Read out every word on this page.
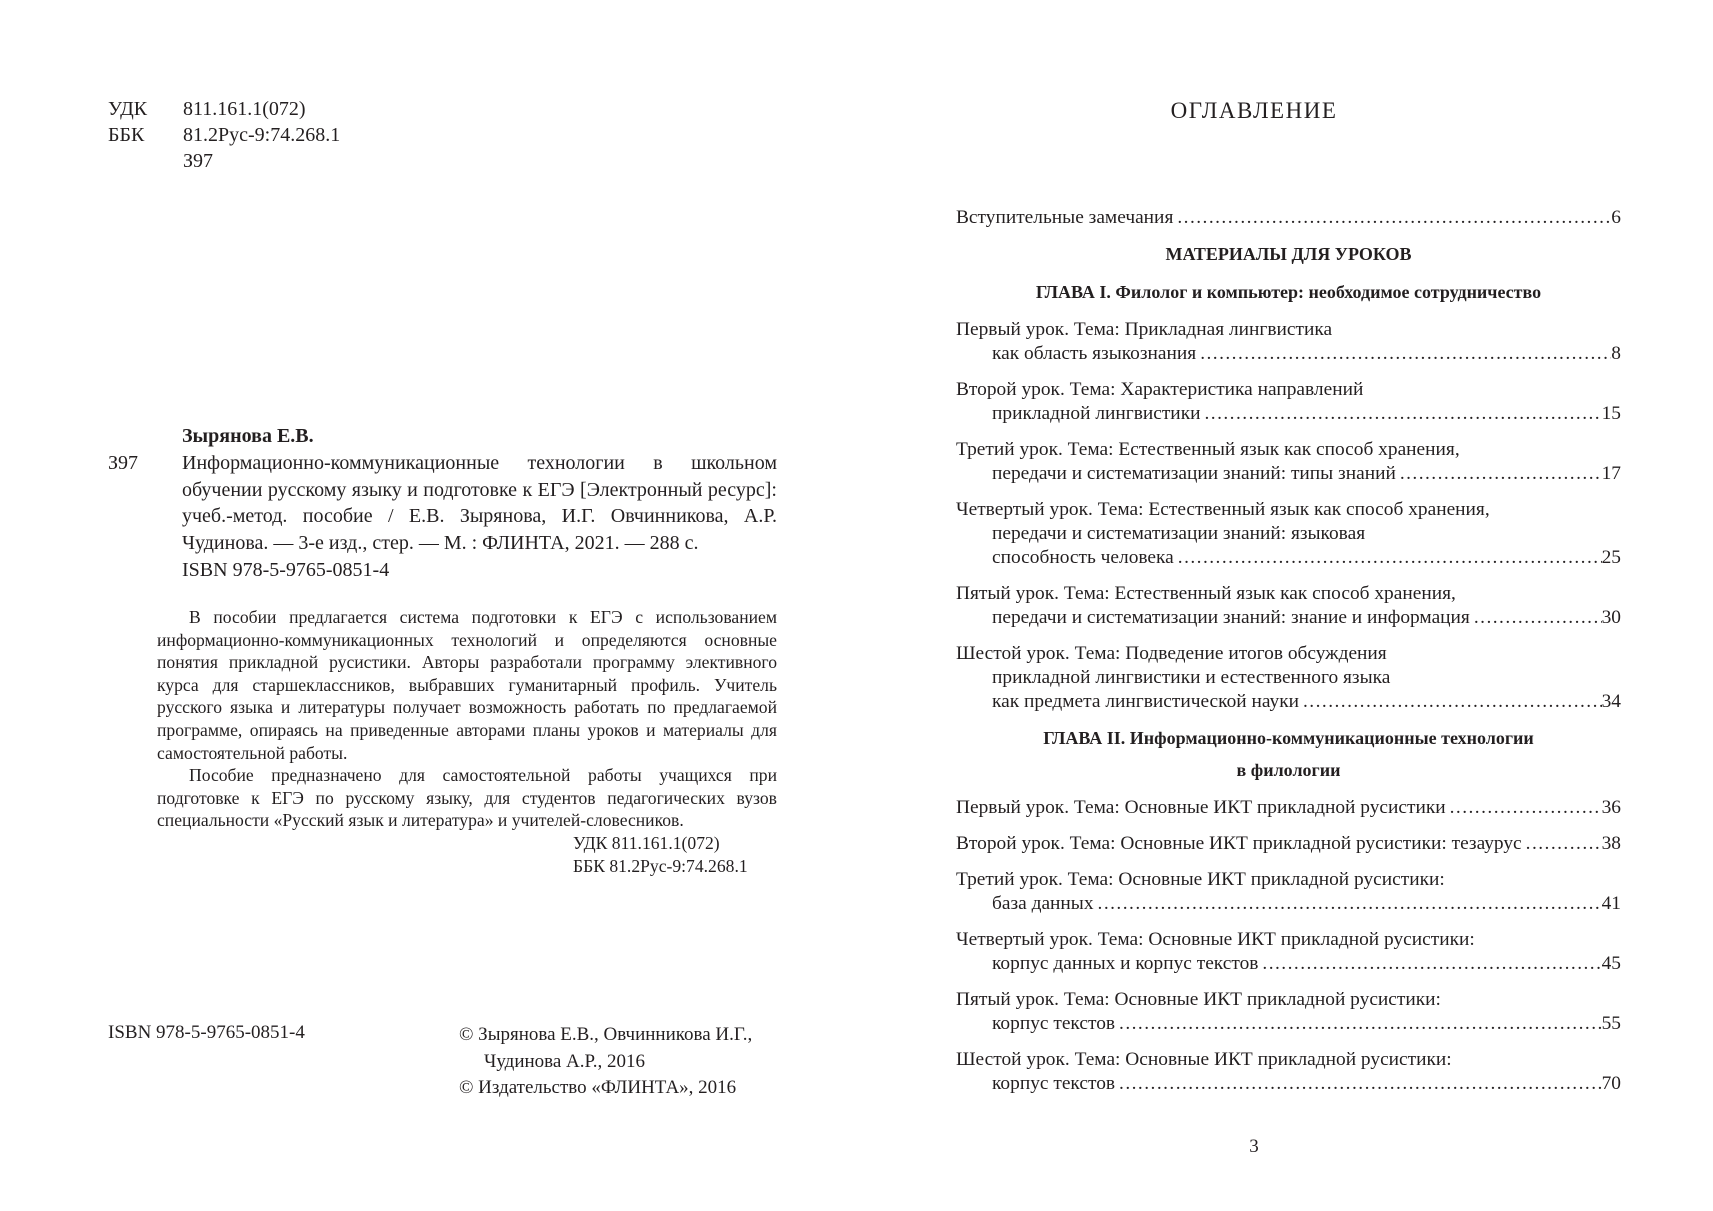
УДК	811.161.1(072)
ББК	81.2Рус-9:74.268.1
З97
Зырянова Е.В.
З97 Информационно-коммуникационные технологии в школьном обучении русскому языку и подготовке к ЕГЭ [Электронный ресурс]: учеб.-метод. пособие / Е.В. Зырянова, И.Г. Овчинникова, А.Р. Чудинова. — 3-е изд., стер. — М. : ФЛИНТА, 2021. — 288 с.
ISBN 978-5-9765-0851-4

В пособии предлагается система подготовки к ЕГЭ с использованием информационно-коммуникационных технологий и определяются основные понятия прикладной русистики. Авторы разработали программу элективного курса для старшеклассников, выбравших гуманитарный профиль. Учитель русского языка и литературы получает возможность работать по предлагаемой программе, опираясь на приведенные авторами планы уроков и материалы для самостоятельной работы.

Пособие предназначено для самостоятельной работы учащихся при подготовке к ЕГЭ по русскому языку, для студентов педагогических вузов специальности «Русский язык и литература» и учителей-словесников.

УДК 811.161.1(072)
ББК 81.2Рус-9:74.268.1
ISBN 978-5-9765-0851-4	© Зырянова Е.В., Овчинникова И.Г.,
Чудинова А.Р., 2016
© Издательство «ФЛИНТА», 2016
ОГЛАВЛЕНИЕ
Вступительные замечания . . .	6
МАТЕРИАЛЫ ДЛЯ УРОКОВ
ГЛАВА I. Филолог и компьютер: необходимое сотрудничество
Первый урок. Тема: Прикладная лингвистика
как область языкознания . . .	8
Второй урок. Тема: Характеристика направлений
прикладной лингвистики . . .	15
Третий урок. Тема: Естественный язык как способ хранения,
передачи и систематизации знаний: типы знаний . . .	17
Четвертый урок. Тема: Естественный язык как способ хранения,
передачи и систематизации знаний: языковая
способность человека . . .	25
Пятый урок. Тема: Естественный язык как способ хранения,
передачи и систематизации знаний: знание и информация . . .	30
Шестой урок. Тема: Подведение итогов обсуждения
прикладной лингвистики и естественного языка
как предмета лингвистической науки . . .	34
ГЛАВА II. Информационно-коммуникационные технологии
в филологии
Первый урок. Тема: Основные ИКТ прикладной русистики . . .	36
Второй урок. Тема: Основные ИКТ прикладной русистики: тезаурус . . .	38
Третий урок. Тема: Основные ИКТ прикладной русистики:
база данных . . .	41
Четвертый урок. Тема: Основные ИКТ прикладной русистики:
корпус данных и корпус текстов . . .	45
Пятый урок. Тема: Основные ИКТ прикладной русистики:
корпус текстов . . .	55
Шестой урок. Тема: Основные ИКТ прикладной русистики:
корпус текстов . . .	70
3
